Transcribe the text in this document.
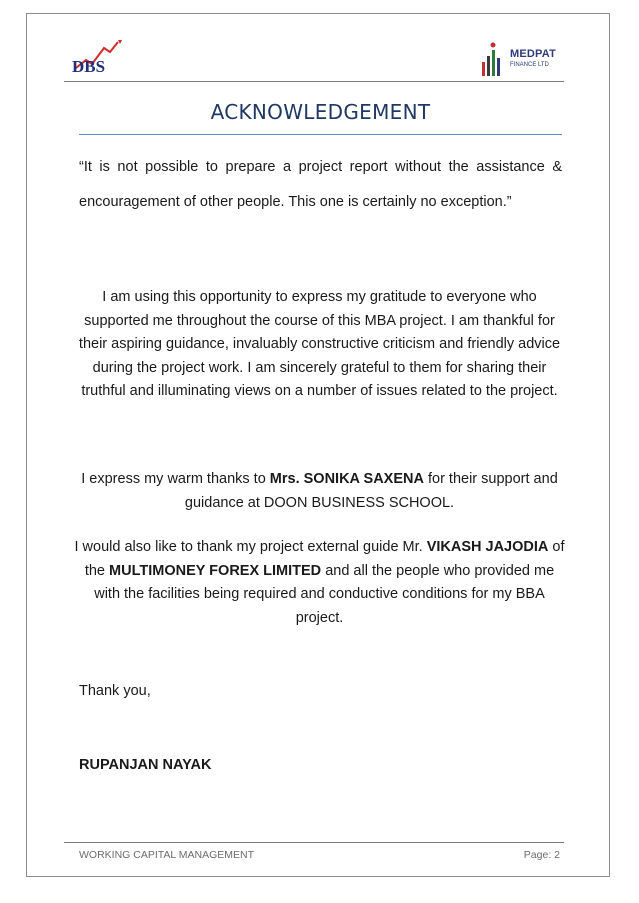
DBS
MEDPAT
FINANCE LTD
ACKNOWLEDGEMENT
“It is not possible to prepare a project report without the assistance & encouragement of other people. This one is certainly no exception.”
I am using this opportunity to express my gratitude to everyone who supported me throughout the course of this MBA project. I am thankful for their aspiring guidance, invaluably constructive criticism and friendly advice during the project work. I am sincerely grateful to them for sharing their truthful and illuminating views on a number of issues related to the project.
I express my warm thanks to Mrs. SONIKA SAXENA for their support and guidance at DOON BUSINESS SCHOOL.
I would also like to thank my project external guide Mr. VIKASH JAJODIA of the MULTIMONEY FOREX LIMITED and all the people who provided me with the facilities being required and conductive conditions for my BBA project.
Thank you,
RUPANJAN NAYAK
WORKING CAPITAL MANAGEMENT	Page: 2
